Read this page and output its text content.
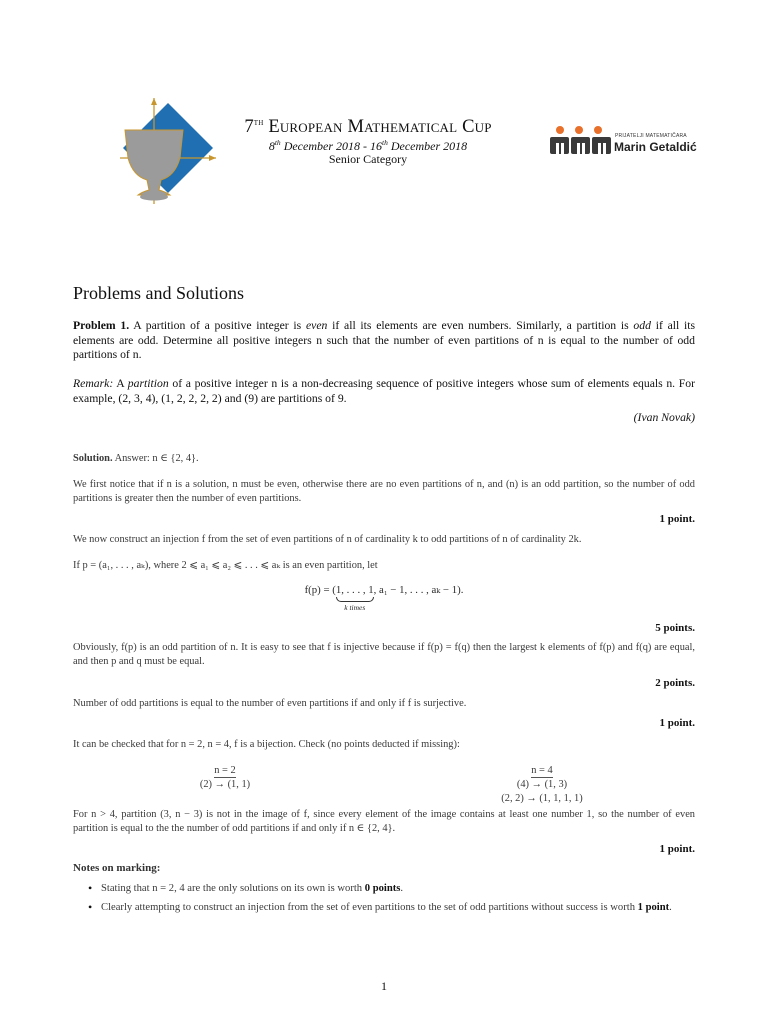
7th European Mathematical Cup
8th December 2018 - 16th December 2018
Senior Category
PRIJATELJI MATEMATIČARA
Marin Getaldić
Problems and Solutions
Problem 1. A partition of a positive integer is even if all its elements are even numbers. Similarly, a partition is odd if all its elements are odd. Determine all positive integers n such that the number of even partitions of n is equal to the number of odd partitions of n.
Remark: A partition of a positive integer n is a non-decreasing sequence of positive integers whose sum of elements equals n. For example, (2, 3, 4), (1, 2, 2, 2, 2) and (9) are partitions of 9.
(Ivan Novak)
Solution. Answer: n ∈ {2, 4}.
We first notice that if n is a solution, n must be even, otherwise there are no even partitions of n, and (n) is an odd partition, so the number of odd partitions is greater then the number of even partitions.
1 point.
We now construct an injection f from the set of even partitions of n of cardinality k to odd partitions of n of cardinality 2k.
If p = (a₁, . . . , aₖ), where 2 ⩽ a₁ ⩽ a₂ ⩽ . . . ⩽ aₖ is an even partition, let
f(p) = (1, . . . , 1
k times
, a₁ − 1, . . . , aₖ − 1).
5 points.
Obviously, f(p) is an odd partition of n. It is easy to see that f is injective because if f(p) = f(q) then the largest k elements of f(p) and f(q) are equal, and then p and q must be equal.
2 points.
Number of odd partitions is equal to the number of even partitions if and only if f is surjective.
1 point.
It can be checked that for n = 2, n = 4, f is a bijection. Check (no points deducted if missing):
n = 2
(2) → (1, 1)
n = 4
(4) → (1, 3)
(2, 2) → (1, 1, 1, 1)
For n > 4, partition (3, n − 3) is not in the image of f, since every element of the image contains at least one number 1, so the number of even partition is equal to the the number of odd partitions if and only if n ∈ {2, 4}.
1 point.
Notes on marking:
• Stating that n = 2, 4 are the only solutions on its own is worth 0 points.
• Clearly attempting to construct an injection from the set of even partitions to the set of odd partitions without success is worth 1 point.
1
